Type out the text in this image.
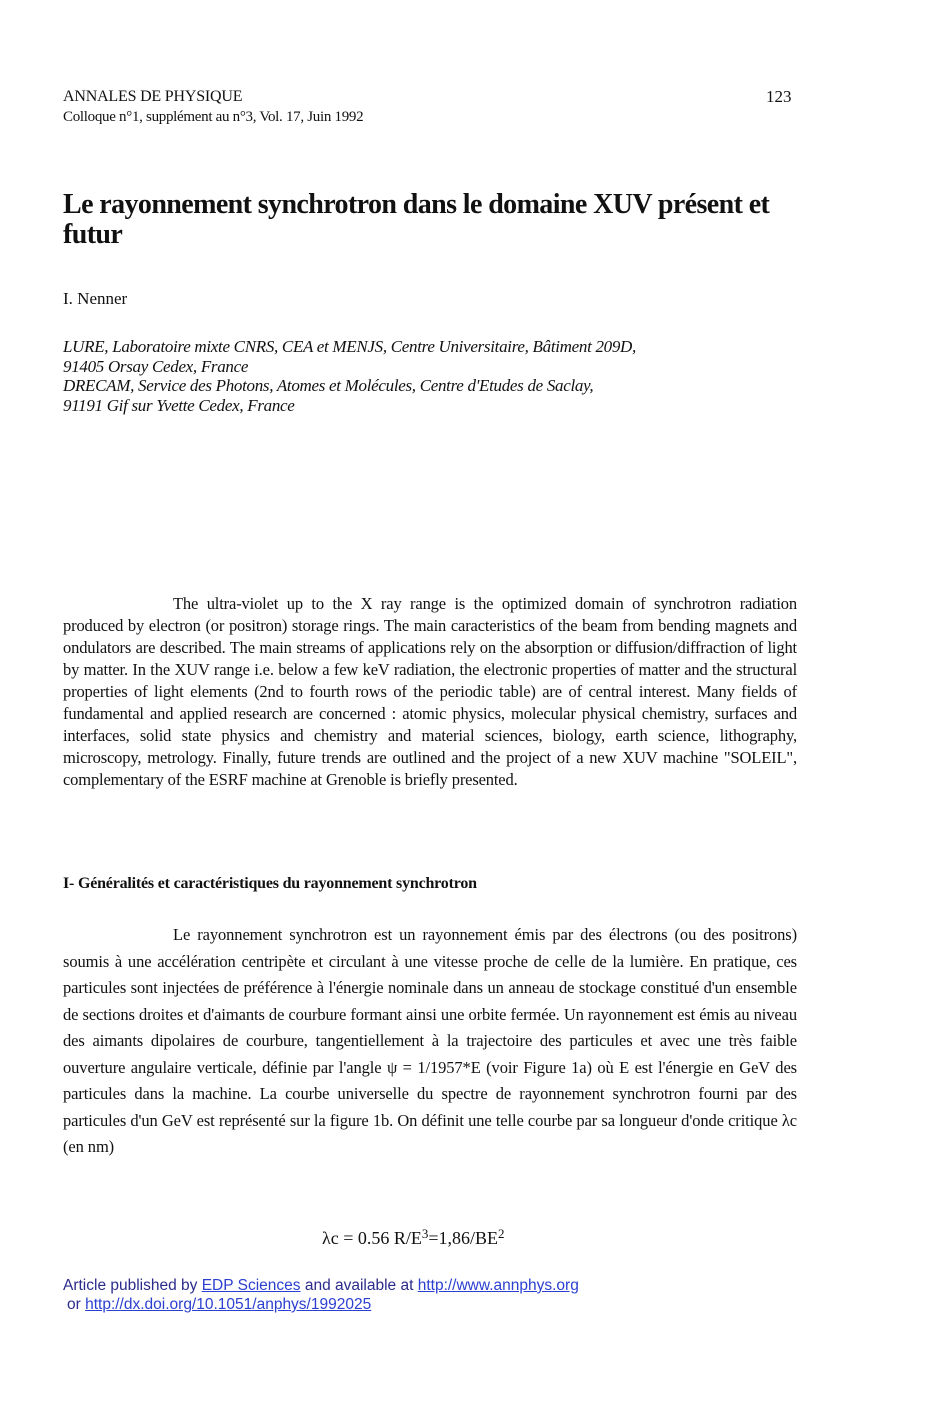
ANNALES DE PHYSIQUE
Colloque n°1, supplément au n°3, Vol. 17, Juin 1992
123
Le rayonnement synchrotron dans le domaine XUV présent et futur
I. Nenner
LURE, Laboratoire mixte CNRS, CEA et MENJS, Centre Universitaire, Bâtiment 209D,
91405 Orsay Cedex, France
DRECAM, Service des Photons, Atomes et Molécules, Centre d'Etudes de Saclay,
91191 Gif sur Yvette Cedex, France
The ultra-violet up to the X ray range is the optimized domain of synchrotron radiation produced by electron (or positron) storage rings. The main caracteristics of the beam from bending magnets and ondulators are described. The main streams of applications rely on the absorption or diffusion/diffraction of light by matter. In the XUV range i.e. below a few keV radiation, the electronic properties of matter and the structural properties of light elements (2nd to fourth rows of the periodic table) are of central interest. Many fields of fundamental and applied research are concerned : atomic physics, molecular physical chemistry, surfaces and interfaces, solid state physics and chemistry and material sciences, biology, earth science, lithography, microscopy, metrology. Finally, future trends are outlined and the project of a new XUV machine "SOLEIL", complementary of the ESRF machine at Grenoble is briefly presented.
I- Généralités et caractéristiques du rayonnement synchrotron
Le rayonnement synchrotron est un rayonnement émis par des électrons (ou des positrons) soumis à une accélération centripète et circulant à une vitesse proche de celle de la lumière. En pratique, ces particules sont injectées de préférence à l'énergie nominale dans un anneau de stockage constitué d'un ensemble de sections droites et d'aimants de courbure formant ainsi une orbite fermée. Un rayonnement est émis au niveau des aimants dipolaires de courbure, tangentiellement à la trajectoire des particules et avec une très faible ouverture angulaire verticale, définie par l'angle ψ = 1/1957*E (voir Figure 1a) où E est l'énergie en GeV des particules dans la machine. La courbe universelle du spectre de rayonnement synchrotron fourni par des particules d'un GeV est représenté sur la figure 1b. On définit une telle courbe par sa longueur d'onde critique λc (en nm)
λc = 0.56 $R/E^3=1,86/BE^2$
Article published by EDP Sciences and available at http://www.annphys.org
or http://dx.doi.org/10.1051/anphys/1992025
